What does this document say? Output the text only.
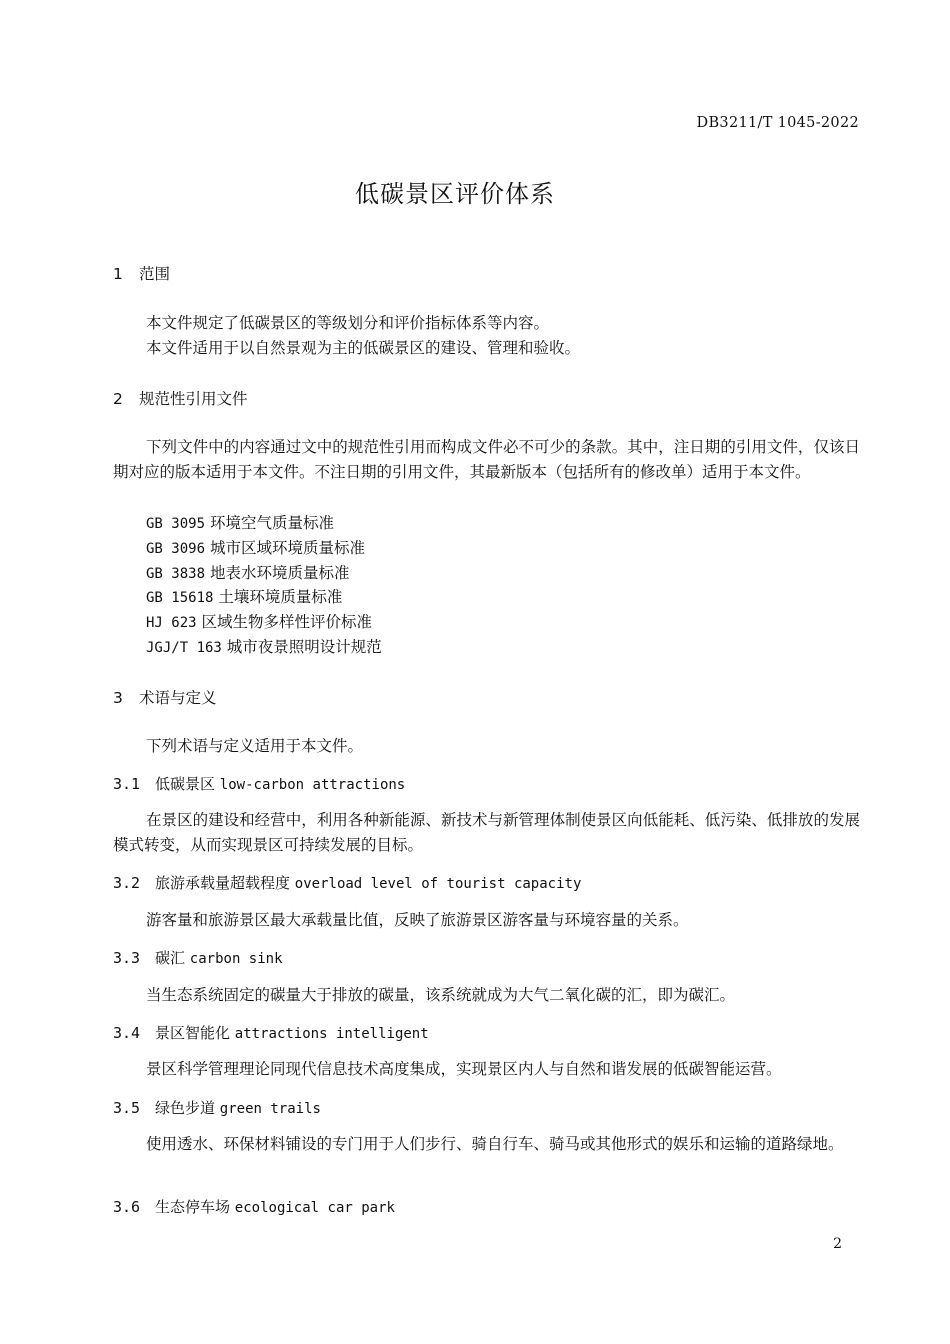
DB3211/T 1045-2022
低碳景区评价体系
1 范围
本文件规定了低碳景区的等级划分和评价指标体系等内容。
本文件适用于以自然景观为主的低碳景区的建设、管理和验收。
2 规范性引用文件
下列文件中的内容通过文中的规范性引用而构成文件必不可少的条款。其中，注日期的引用文件，仅该日期对应的版本适用于本文件。不注日期的引用文件，其最新版本（包括所有的修改单）适用于本文件。
GB 3095 环境空气质量标准
GB 3096 城市区域环境质量标准
GB 3838 地表水环境质量标准
GB 15618 土壤环境质量标准
HJ 623 区域生物多样性评价标准
JGJ/T 163 城市夜景照明设计规范
3 术语与定义
下列术语与定义适用于本文件。
3.1 低碳景区 low-carbon attractions
在景区的建设和经营中，利用各种新能源、新技术与新管理体制使景区向低能耗、低污染、低排放的发展模式转变，从而实现景区可持续发展的目标。
3.2 旅游承载量超载程度 overload level of tourist capacity
游客量和旅游景区最大承载量比值，反映了旅游景区游客量与环境容量的关系。
3.3 碳汇 carbon sink
当生态系统固定的碳量大于排放的碳量，该系统就成为大气二氧化碳的汇，即为碳汇。
3.4 景区智能化 attractions intelligent
景区科学管理理论同现代信息技术高度集成，实现景区内人与自然和谐发展的低碳智能运营。
3.5 绿色步道 green trails
使用透水、环保材料铺设的专门用于人们步行、骑自行车、骑马或其他形式的娱乐和运输的道路绿地。
3.6 生态停车场 ecological car park
2
